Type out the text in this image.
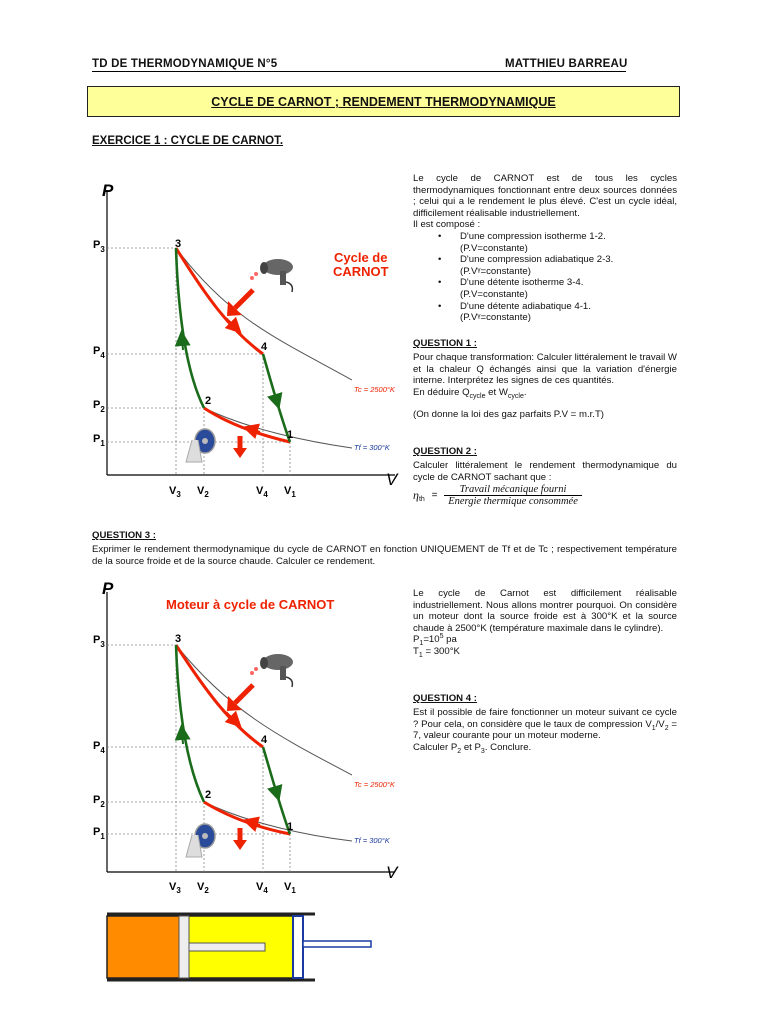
TD DE THERMODYNAMIQUE N°5	MATTHIEU BARREAU
CYCLE DE CARNOT ; RENDEMENT THERMODYNAMIQUE
EXERCICE 1 : CYCLE DE CARNOT.
P
V
Cycle de
CARNOT
Tc = 2500°K
Tf = 300°K
3
4
2
1
$P_3$
$P_4$
$P_2$
$P_1$
$V_3$ $V_2$	$V_4$ $V_1$
Le cycle de CARNOT est de tous les cycles thermodynamiques fonctionnant entre deux sources données ; celui qui a le rendement le plus élevé. C'est un cycle idéal, difficilement réalisable industriellement.
Il est composé :
• D'une compression isotherme 1-2.
(P.V=constante)
• D'une compression adiabatique 2-3.
(P.Vᵞ=constante)
• D'une détente isotherme 3-4.
(P.V=constante)
• D'une détente adiabatique 4-1.
(P.Vᵞ=constante)
QUESTION 1 :
Pour chaque transformation: Calculer littéralement le travail W et la chaleur Q échangés ainsi que la variation d'énergie interne. Interprétez les signes de ces quantités.
En déduire $Q_{cycle}$ et $W_{cycle}$.
(On donne la loi des gaz parfaits P.V = m.r.T)
QUESTION 2 :
Calculer littéralement le rendement thermodynamique du cycle de CARNOT sachant que :
$\eta_{th} = \frac{\text{Travail mécanique fourni}}{\text{Energie thermique consommée}}$
QUESTION 3 :
Exprimer le rendement thermodynamique du cycle de CARNOT en fonction UNIQUEMENT de Tf et de Tc ; respectivement température de la source froide et de la source chaude. Calculer ce rendement.
P
V
Moteur à cycle de CARNOT
Tc = 2500°K
Tf = 300°K
3
4
2
1
$P_3$
$P_4$
$P_2$
$P_1$
$V_3$ $V_2$	$V_4$ $V_1$
Le cycle de Carnot est difficilement réalisable industriellement. Nous allons montrer pourquoi. On considère un moteur dont la source froide est à 300°K et la source chaude à 2500°K (température maximale dans le cylindre).
$P_1=10^5$ pa
$T_1 = 300^\circ K$
QUESTION 4 :
Est il possible de faire fonctionner un moteur suivant ce cycle ? Pour cela, on considère que le taux de compression $V_1/V_2 = 7$, valeur courante pour un moteur moderne.
Calculer $P_2$ et $P_3$. Conclure.
